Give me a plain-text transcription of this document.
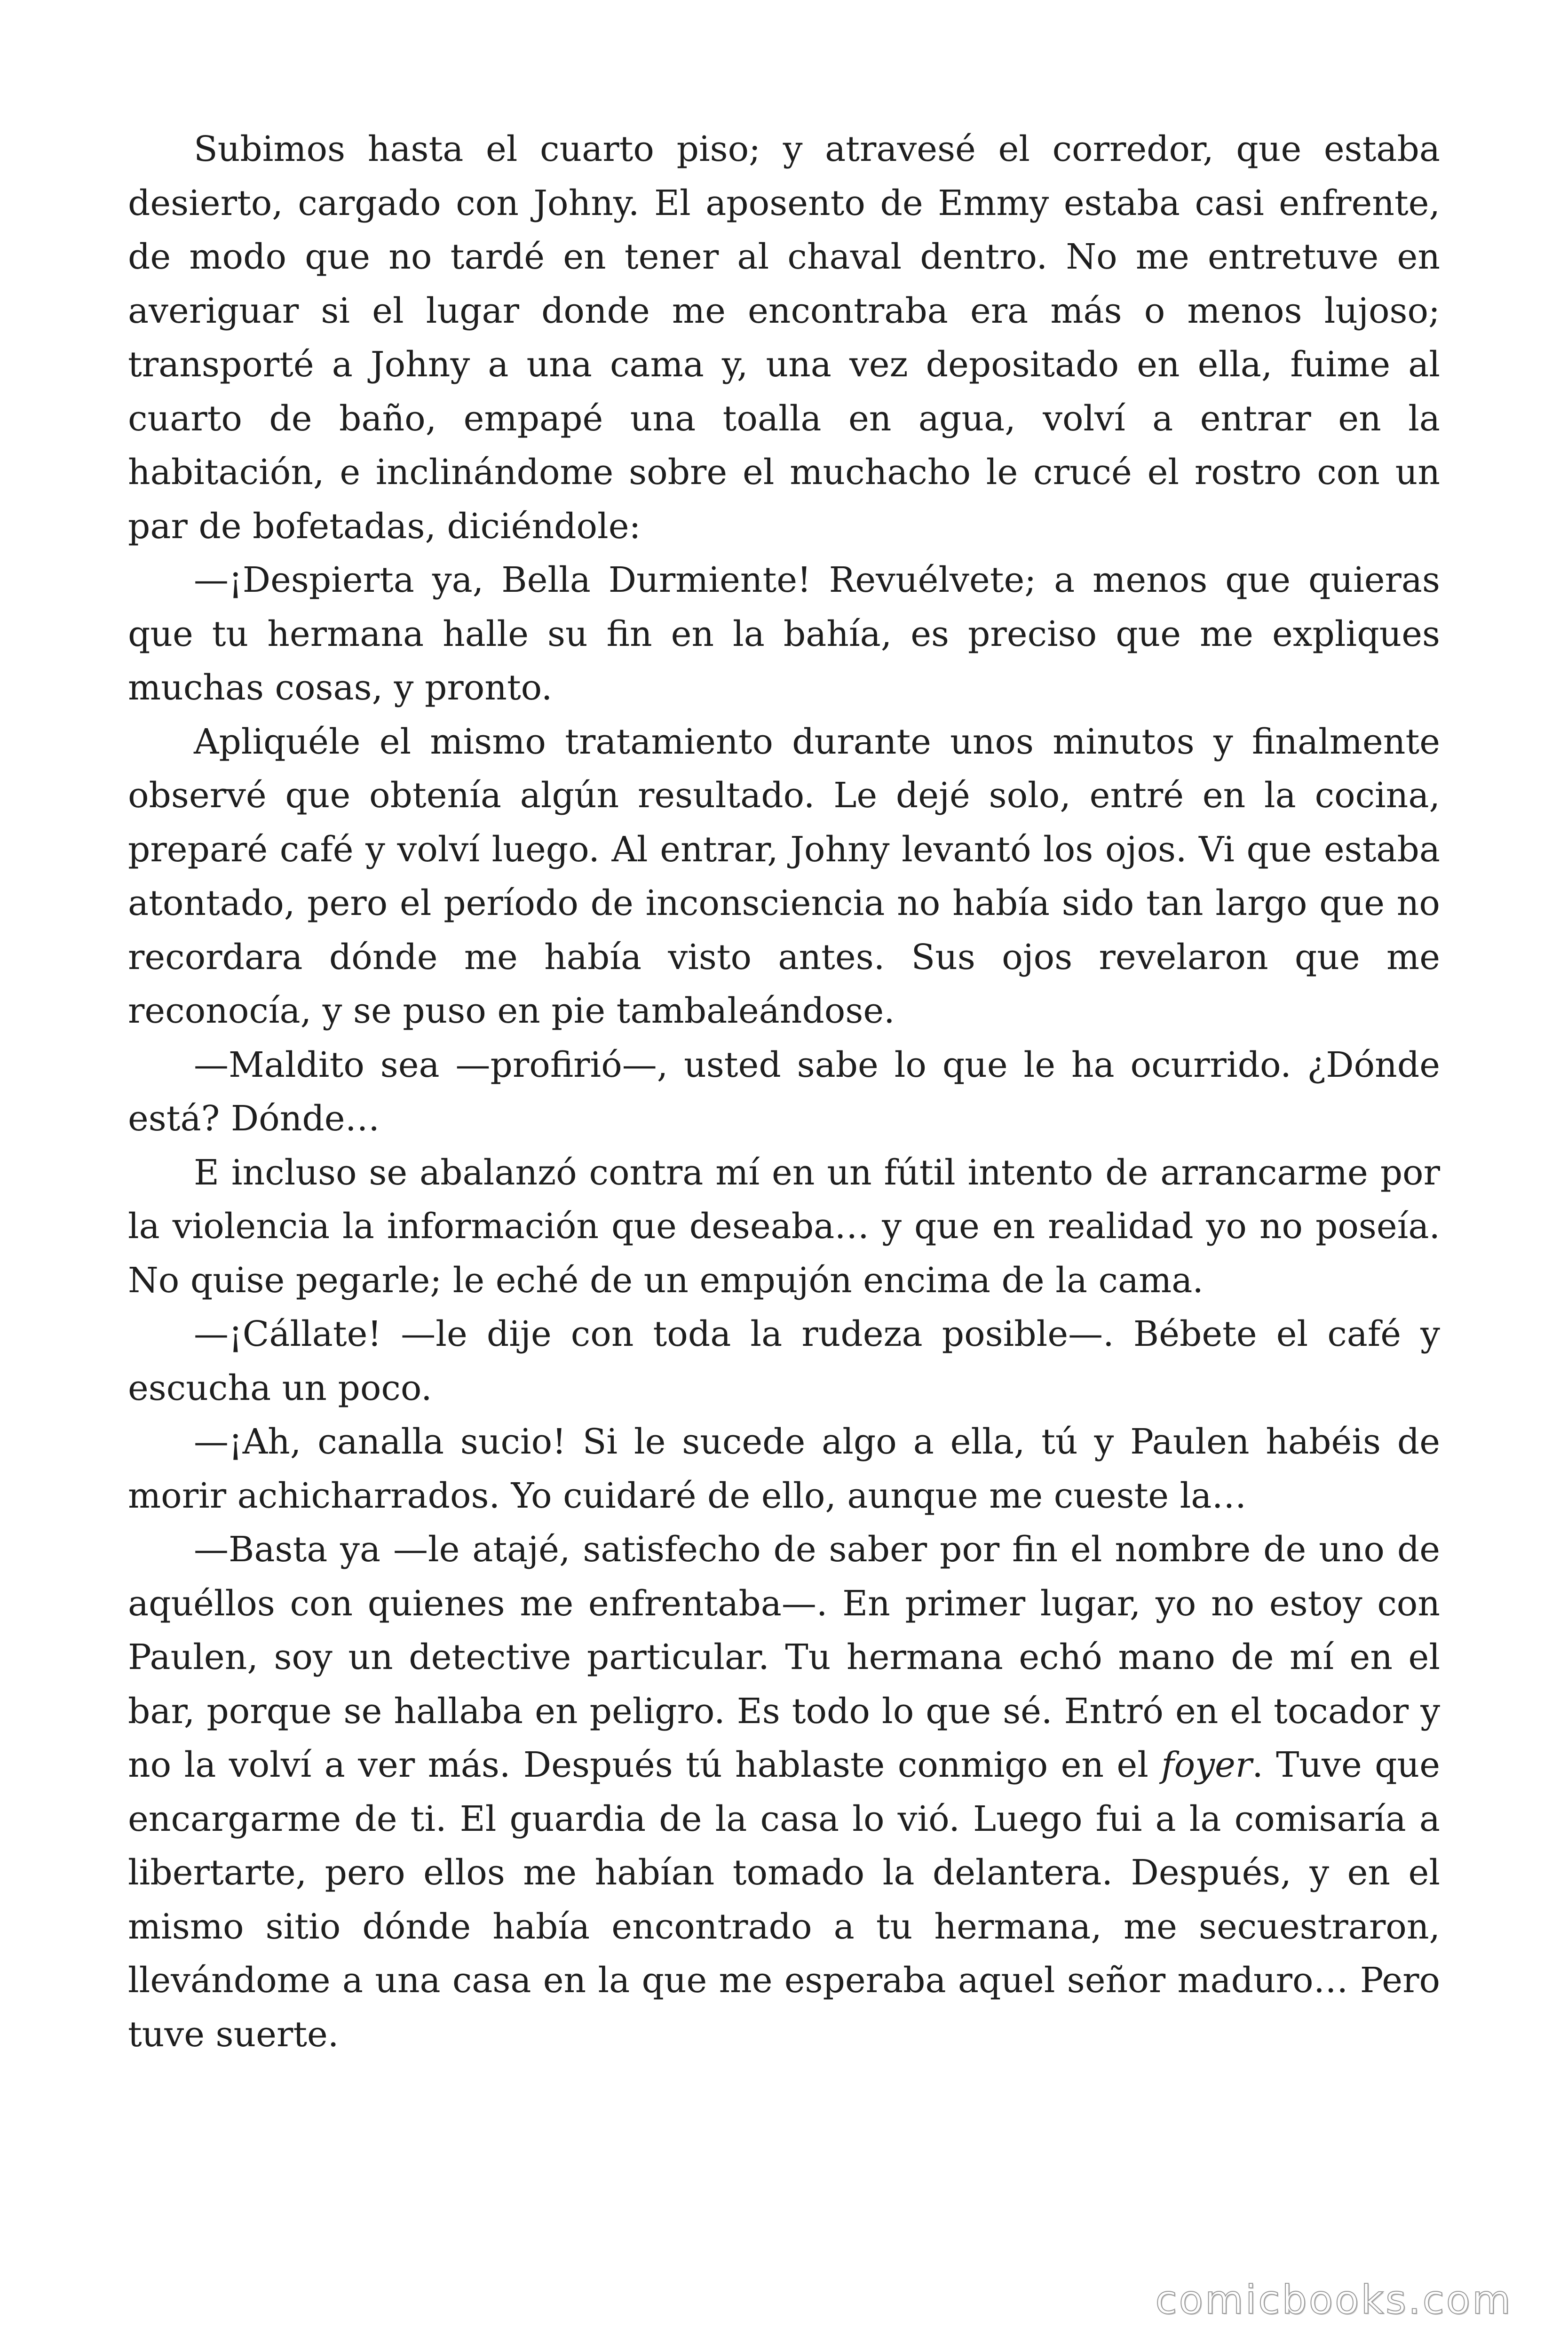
Subimos hasta el cuarto piso; y atravesé el corredor, que estaba desierto, cargado con Johny. El aposento de Emmy estaba casi enfrente, de modo que no tardé en tener al chaval dentro. No me entretuve en averiguar si el lugar donde me encontraba era más o menos lujoso; transporté a Johny a una cama y, una vez depositado en ella, fuime al cuarto de baño, empapé una toalla en agua, volví a entrar en la habitación, e inclinándome sobre el muchacho le crucé el rostro con un par de bofetadas, diciéndole:

—¡Despierta ya, Bella Durmiente! Revuélvete; a menos que quieras que tu hermana halle su fin en la bahía, es preciso que me expliques muchas cosas, y pronto.

Apliquéle el mismo tratamiento durante unos minutos y finalmente observé que obtenía algún resultado. Le dejé solo, entré en la cocina, preparé café y volví luego. Al entrar, Johny levantó los ojos. Vi que estaba atontado, pero el período de inconsciencia no había sido tan largo que no recordara dónde me había visto antes. Sus ojos revelaron que me reconocía, y se puso en pie tambaleándose.

—Maldito sea —profirió—, usted sabe lo que le ha ocurrido. ¿Dónde está? Dónde…

E incluso se abalanzó contra mí en un fútil intento de arrancarme por la violencia la información que deseaba… y que en realidad yo no poseía. No quise pegarle; le eché de un empujón encima de la cama.

—¡Cállate! —le dije con toda la rudeza posible—. Bébete el café y escucha un poco.

—¡Ah, canalla sucio! Si le sucede algo a ella, tú y Paulen habéis de morir achicharrados. Yo cuidaré de ello, aunque me cueste la…

—Basta ya —le atajé, satisfecho de saber por fin el nombre de uno de aquéllos con quienes me enfrentaba—. En primer lugar, yo no estoy con Paulen, soy un detective particular. Tu hermana echó mano de mí en el bar, porque se hallaba en peligro. Es todo lo que sé. Entró en el tocador y no la volví a ver más. Después tú hablaste conmigo en el foyer. Tuve que encargarme de ti. El guardia de la casa lo vió. Luego fui a la comisaría a libertarte, pero ellos me habían tomado la delantera. Después, y en el mismo sitio dónde había encontrado a tu hermana, me secuestraron, llevándome a una casa en la que me esperaba aquel señor maduro… Pero tuve suerte.

comicbooks.com
